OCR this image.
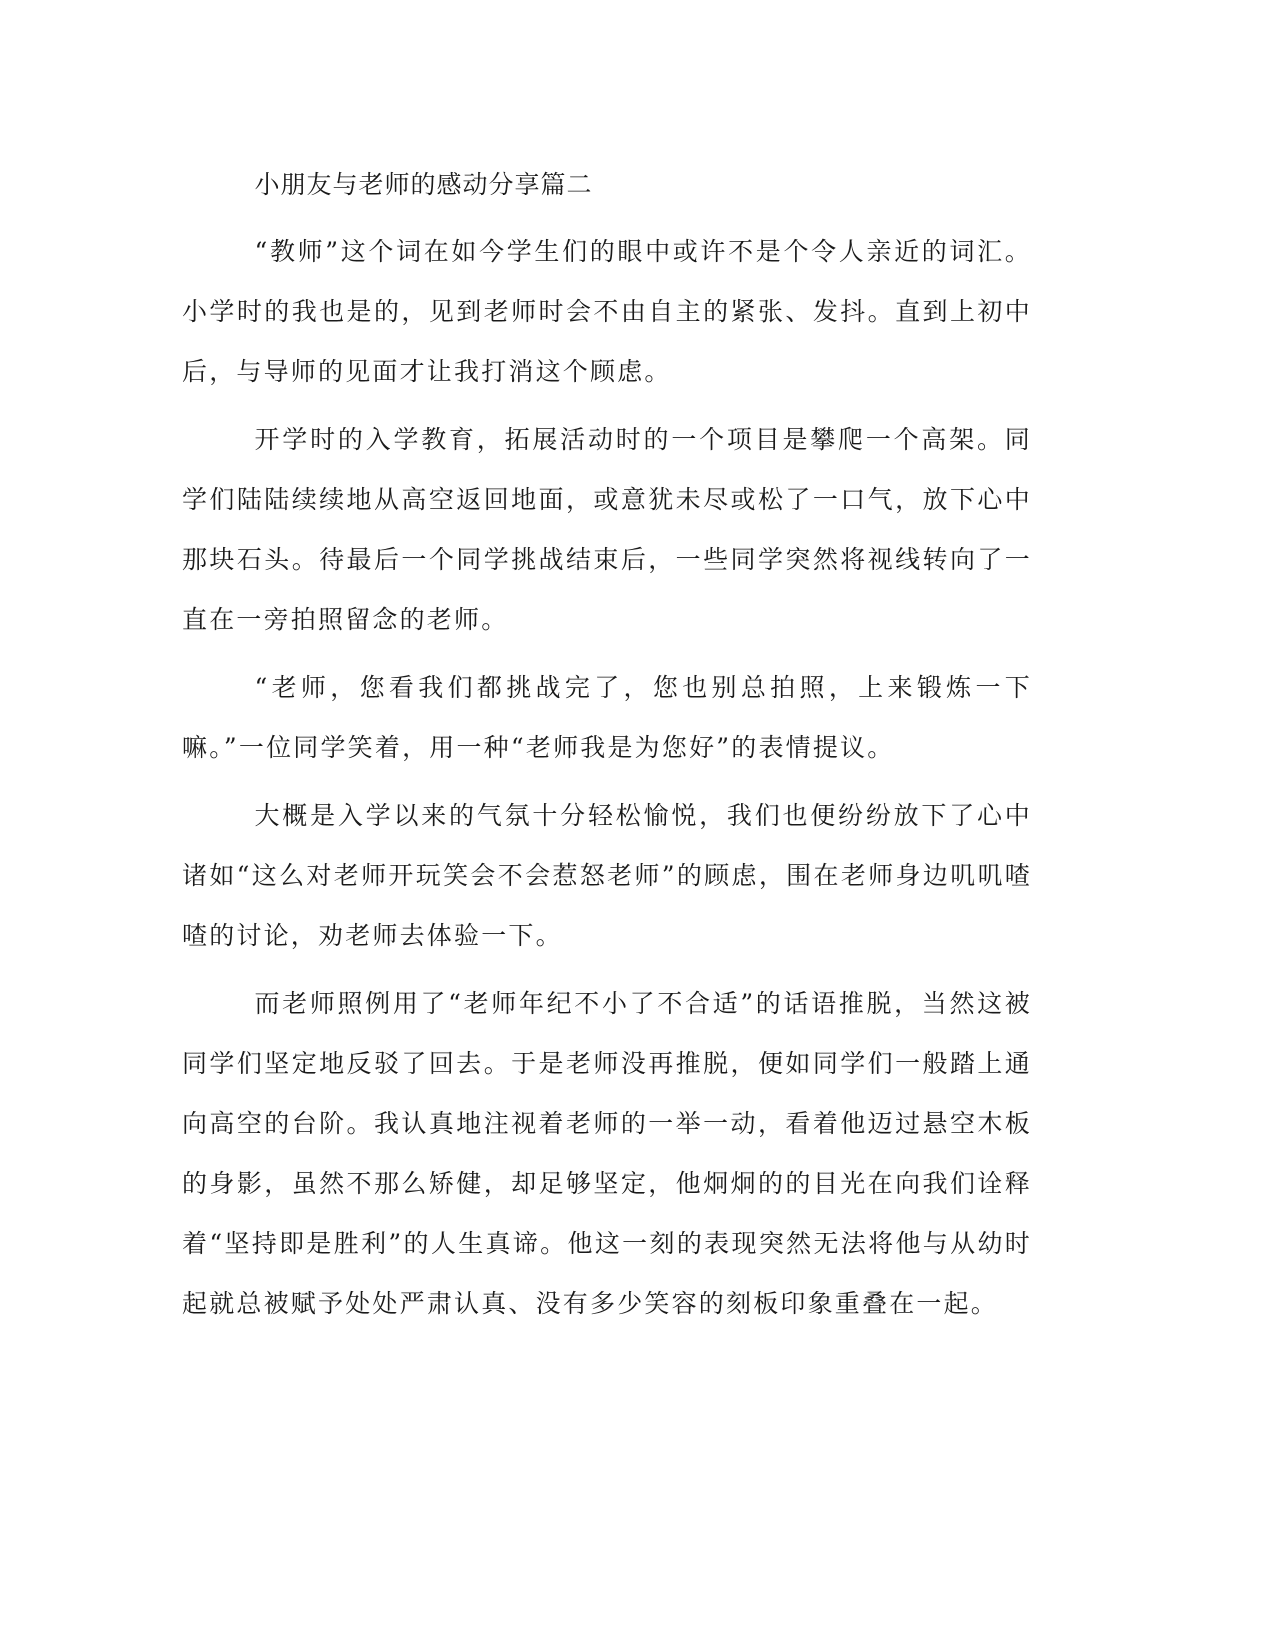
小朋友与老师的感动分享篇二

“教师”这个词在如今学生们的眼中或许不是个令人亲近的词汇。小学时的我也是的，见到老师时会不由自主的紧张、发抖。直到上初中后，与导师的见面才让我打消这个顾虑。

开学时的入学教育，拓展活动时的一个项目是攀爬一个高架。同学们陆陆续续地从高空返回地面，或意犹未尽或松了一口气，放下心中那块石头。待最后一个同学挑战结束后，一些同学突然将视线转向了一直在一旁拍照留念的老师。

“老师，您看我们都挑战完了，您也别总拍照，上来锻炼一下嘛。”一位同学笑着，用一种“老师我是为您好”的表情提议。

大概是入学以来的气氛十分轻松愉悦，我们也便纷纷放下了心中诸如“这么对老师开玩笑会不会惹怒老师”的顾虑，围在老师身边叽叽喳喳的讨论，劝老师去体验一下。

而老师照例用了“老师年纪不小了不合适”的话语推脱，当然这被同学们坚定地反驳了回去。于是老师没再推脱，便如同学们一般踏上通向高空的台阶。我认真地注视着老师的一举一动，看着他迈过悬空木板的身影，虽然不那么矫健，却足够坚定，他炯炯的的目光在向我们诠释着“坚持即是胜利”的人生真谛。他这一刻的表现突然无法将他与从幼时起就总被赋予处处严肃认真、没有多少笑容的刻板印象重叠在一起。
